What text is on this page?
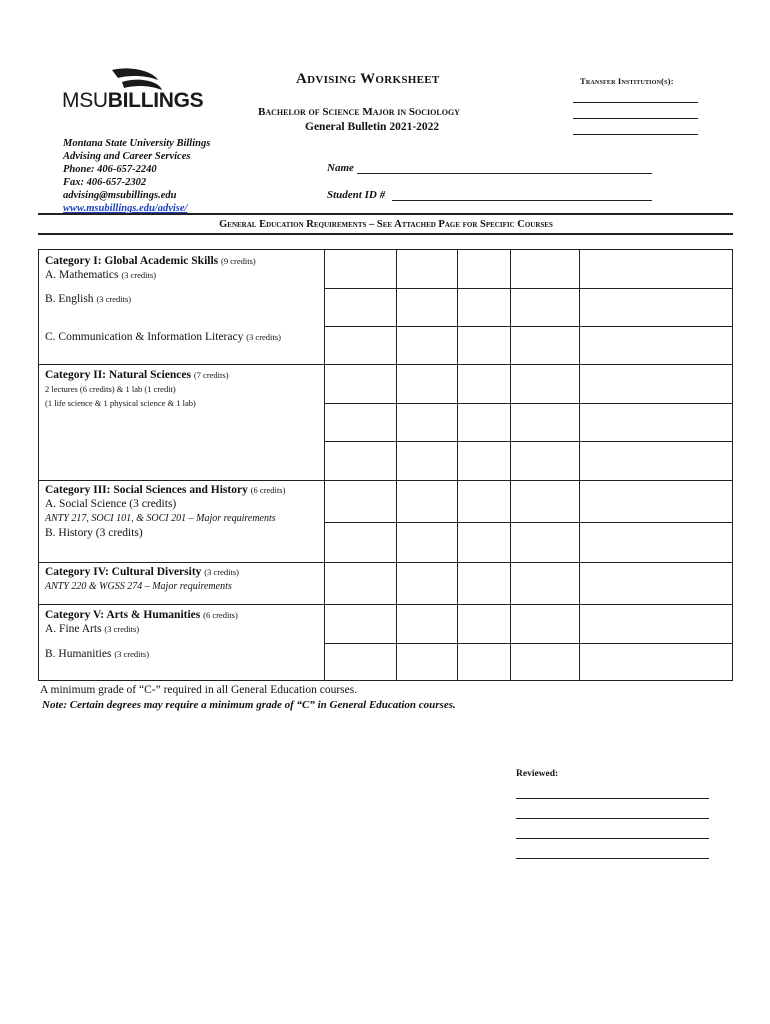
MSUBILLINGS
Montana State University Billings
Advising and Career Services
Phone: 406-657-2240
Fax: 406-657-2302
advising@msubillings.edu
www.msubillings.edu/advise/
Advising Worksheet
Bachelor of Science Major in Sociology
General Bulletin 2021-2022
Transfer Institution(s):
Name
Student ID #
General Education Requirements – See Attached Page for Specific Courses
Category I: Global Academic Skills (9 credits)
A. Mathematics (3 credits)
B. English (3 credits)
C. Communication & Information Literacy (3 credits)
Category II: Natural Sciences (7 credits)
2 lectures (6 credits) & 1 lab (1 credit)
(1 life science & 1 physical science & 1 lab)
Category III: Social Sciences and History (6 credits)
A. Social Science (3 credits)
ANTY 217, SOCI 101, & SOCI 201 – Major requirements
B. History (3 credits)
Category IV: Cultural Diversity (3 credits)
ANTY 220 & WGSS 274 – Major requirements
Category V: Arts & Humanities (6 credits)
A. Fine Arts (3 credits)
B. Humanities (3 credits)
A minimum grade of “C-” required in all General Education courses.
Note: Certain degrees may require a minimum grade of “C” in General Education courses.
Reviewed:
